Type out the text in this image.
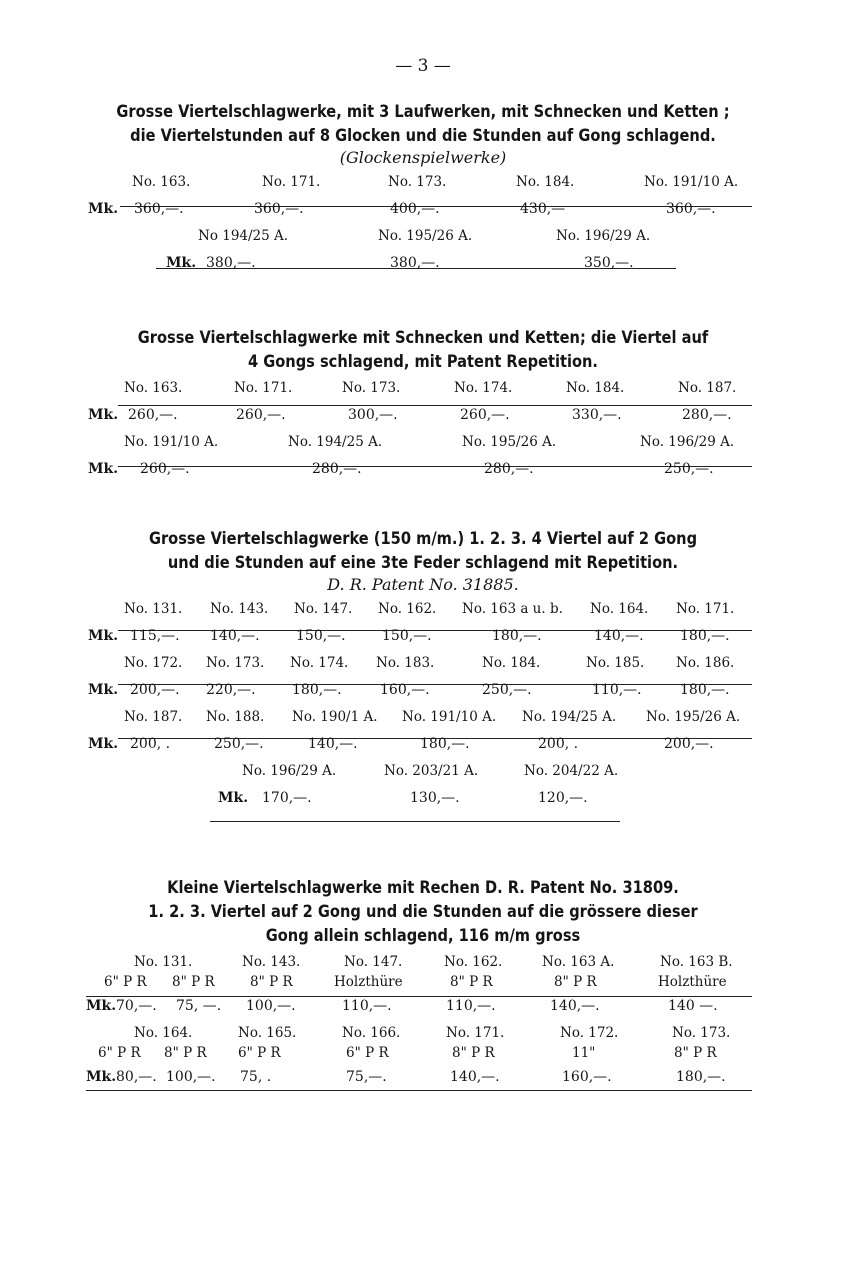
— 3 —

Grosse Viertelschlagwerke, mit 3 Laufwerken, mit Schnecken und Ketten ;

die Viertelstunden auf 8 Glocken und die Stunden auf Gong schlagend.

(Glockenspielwerke)

No. 163.	No. 171.	No. 173.	No. 184.	No. 191/10 A.
Mk. 360,—.	360,—.	400,—.	430,—	360,—.
No 194/25 A.	No. 195/26 A.	No. 196/29 A.
Mk. 380,—.	380,—.	350,—.

Grosse Viertelschlagwerke mit Schnecken und Ketten; die Viertel auf

4 Gongs schlagend, mit Patent Repetition.

No. 163.	No. 171.	No. 173.	No. 174.	No. 184.	No. 187.
Mk. 260,—.	260,—.	300,—.	260,—.	330,—.	280,—.
No. 191/10 A.	No. 194/25 A.	No. 195/26 A.	No. 196/29 A.
Mk. 260,—.	280,—.	280,—.	250,—.

Grosse Viertelschlagwerke (150 m/m.) 1. 2. 3. 4 Viertel auf 2 Gong

und die Stunden auf eine 3te Feder schlagend mit Repetition.

D. R. Patent No. 31885.

No. 131. No. 143. No. 147. No. 162. No. 163 a u. b. No. 164. No. 171.
Mk. 115,—. 140,—.	150,—.	150,—.	180,—.	140,—.	180,—.
No. 172. No. 173. No. 174. No. 183.	No. 184.	No. 185. No. 186.
Mk. 200,—. 220,—.	180,—.	160,—.	250,—.	110,—.	180,—.
No. 187. No. 188. No. 190/1 A. No. 191/10 A. No. 194/25 A. No. 195/26 A.
Mk. 200, .	250,—.	140,—.	180,—.	200, .	200,—.
No. 196/29 A.	No. 203/21 A.	No. 204/22 A.
Mk. 170,—.	130,—.	120,—.

Kleine Viertelschlagwerke mit Rechen D. R. Patent No. 31809.

1. 2. 3. Viertel auf 2 Gong und die Stunden auf die grössere dieser

Gong allein schlagend, 116 m/m gross

No. 131.	No. 143.	No. 147.	No. 162.	No. 163 A.	No. 163 B.
6" P R 8" P R	8" P R	Holzthüre	8" P R	8" P R	Holzthüre
Mk. 70,—. 75, —. 100,—.	110,—.	110,—.	140,—.	140 —.
No. 164.	No. 165.	No. 166.	No. 171.	No. 172.	No. 173.
6" P R 8" P R 6" P R	6" P R	8" P R	11"	8" P R
Mk. 80,—. 100,—. 75, .	75,—.	140,—.	160,—.	180,—.
